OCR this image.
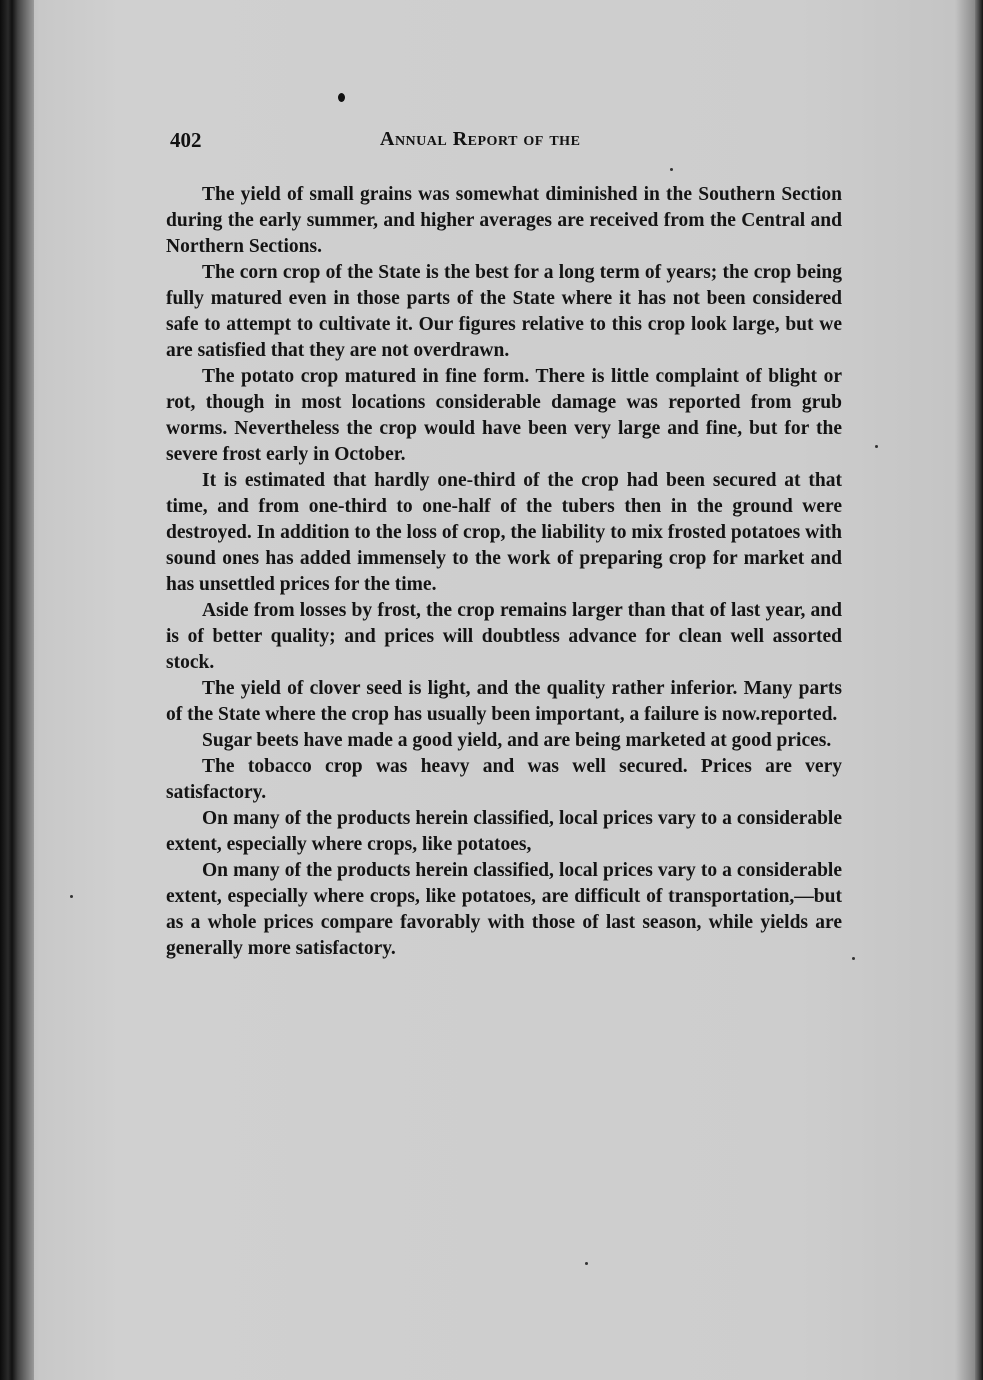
402	Annual Report of the

The yield of small grains was somewhat diminished in the Southern Section during the early summer, and higher averages are received from the Central and Northern Sections.

The corn crop of the State is the best for a long term of years; the crop being fully matured even in those parts of the State where it has not been considered safe to attempt to cultivate it. Our figures relative to this crop look large, but we are satisfied that they are not overdrawn.

The potato crop matured in fine form. There is little complaint of blight or rot, though in most locations considerable damage was reported from grub worms. Nevertheless the crop would have been very large and fine, but for the severe frost early in October.

It is estimated that hardly one-third of the crop had been secured at that time, and from one-third to one-half of the tubers then in the ground were destroyed. In addition to the loss of crop, the liability to mix frosted potatoes with sound ones has added immensely to the work of preparing crop for market and has unsettled prices for the time.

Aside from losses by frost, the crop remains larger than that of last year, and is of better quality; and prices will doubtless advance for clean well assorted stock.

The yield of clover seed is light, and the quality rather inferior. Many parts of the State where the crop has usually been important, a failure is now.reported.

Sugar beets have made a good yield, and are being marketed at good prices.

The tobacco crop was heavy and was well secured. Prices are very satisfactory.

On many of the products herein classified, local prices vary to a considerable extent, especially where crops, like potatoes,

On many of the products herein classified, local prices vary to a considerable extent, especially where crops, like potatoes, are difficult of transportation,—but as a whole prices compare favorably with those of last season, while yields are generally more satisfactory.
